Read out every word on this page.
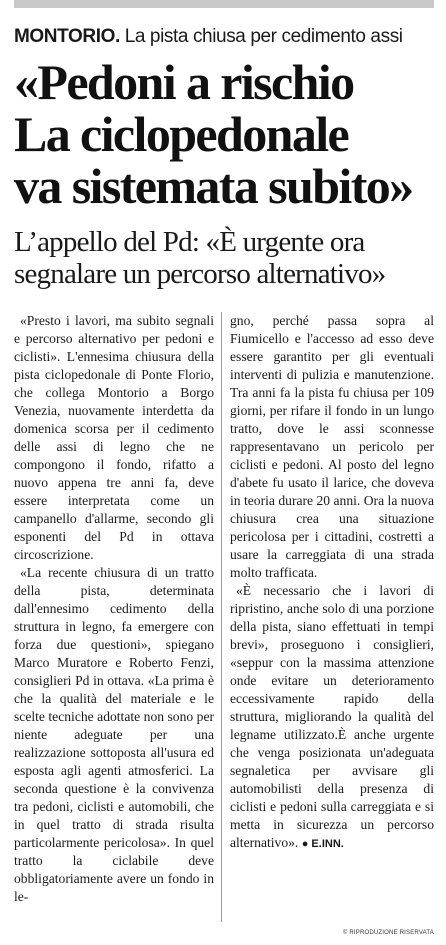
MONTORIO. La pista chiusa per cedimento assi
«Pedoni a rischio
La ciclopedonale
va sistemata subito»
L’appello del Pd: «È urgente ora
segnalare un percorso alternativo»

«Presto i lavori, ma subito segnali e percorso alternativo per pedoni e ciclisti». L'ennesima chiusura della pista ciclopedonale di Ponte Florio, che collega Montorio a Borgo Venezia, nuovamente interdetta da domenica scorsa per il cedimento delle assi di legno che ne compongono il fondo, rifatto a nuovo appena tre anni fa, deve essere interpretata come un campanello d'allarme, secondo gli esponenti del Pd in ottava circoscrizione.

«La recente chiusura di un tratto della pista, determinata dall'ennesimo cedimento della struttura in legno, fa emergere con forza due questioni», spiegano Marco Muratore e Roberto Fenzi, consiglieri Pd in ottava. «La prima è che la qualità del materiale e le scelte tecniche adottate non sono per niente adeguate per una realizzazione sottoposta all'usura ed esposta agli agenti atmosferici. La seconda questione è la convivenza tra pedoni, ciclisti e automobili, che in quel tratto di strada risulta particolarmente pericolosa». In quel tratto la ciclabile deve obbligatoriamente avere un fondo in le-

gno, perché passa sopra al Fiumicello e l'accesso ad esso deve essere garantito per gli eventuali interventi di pulizia e manutenzione. Tra anni fa la pista fu chiusa per 109 giorni, per rifare il fondo in un lungo tratto, dove le assi sconnesse rappresentavano un pericolo per ciclisti e pedoni. Al posto del legno d'abete fu usato il larice, che doveva in teoria durare 20 anni. Ora la nuova chiusura crea una situazione pericolosa per i cittadini, costretti a usare la carreggiata di una strada molto trafficata.

«È necessario che i lavori di ripristino, anche solo di una porzione della pista, siano effettuati in tempi brevi», proseguono i consiglieri, «seppur con la massima attenzione onde evitare un deterioramento eccessivamente rapido della struttura, migliorando la qualità del legname utilizzato.È anche urgente che venga posizionata un'adeguata segnaletica per avvisare gli automobilisti della presenza di ciclisti e pedoni sulla carreggiata e si metta in sicurezza un percorso alternativo». ● E.INN.

© RIPRODUZIONE RISERVATA
